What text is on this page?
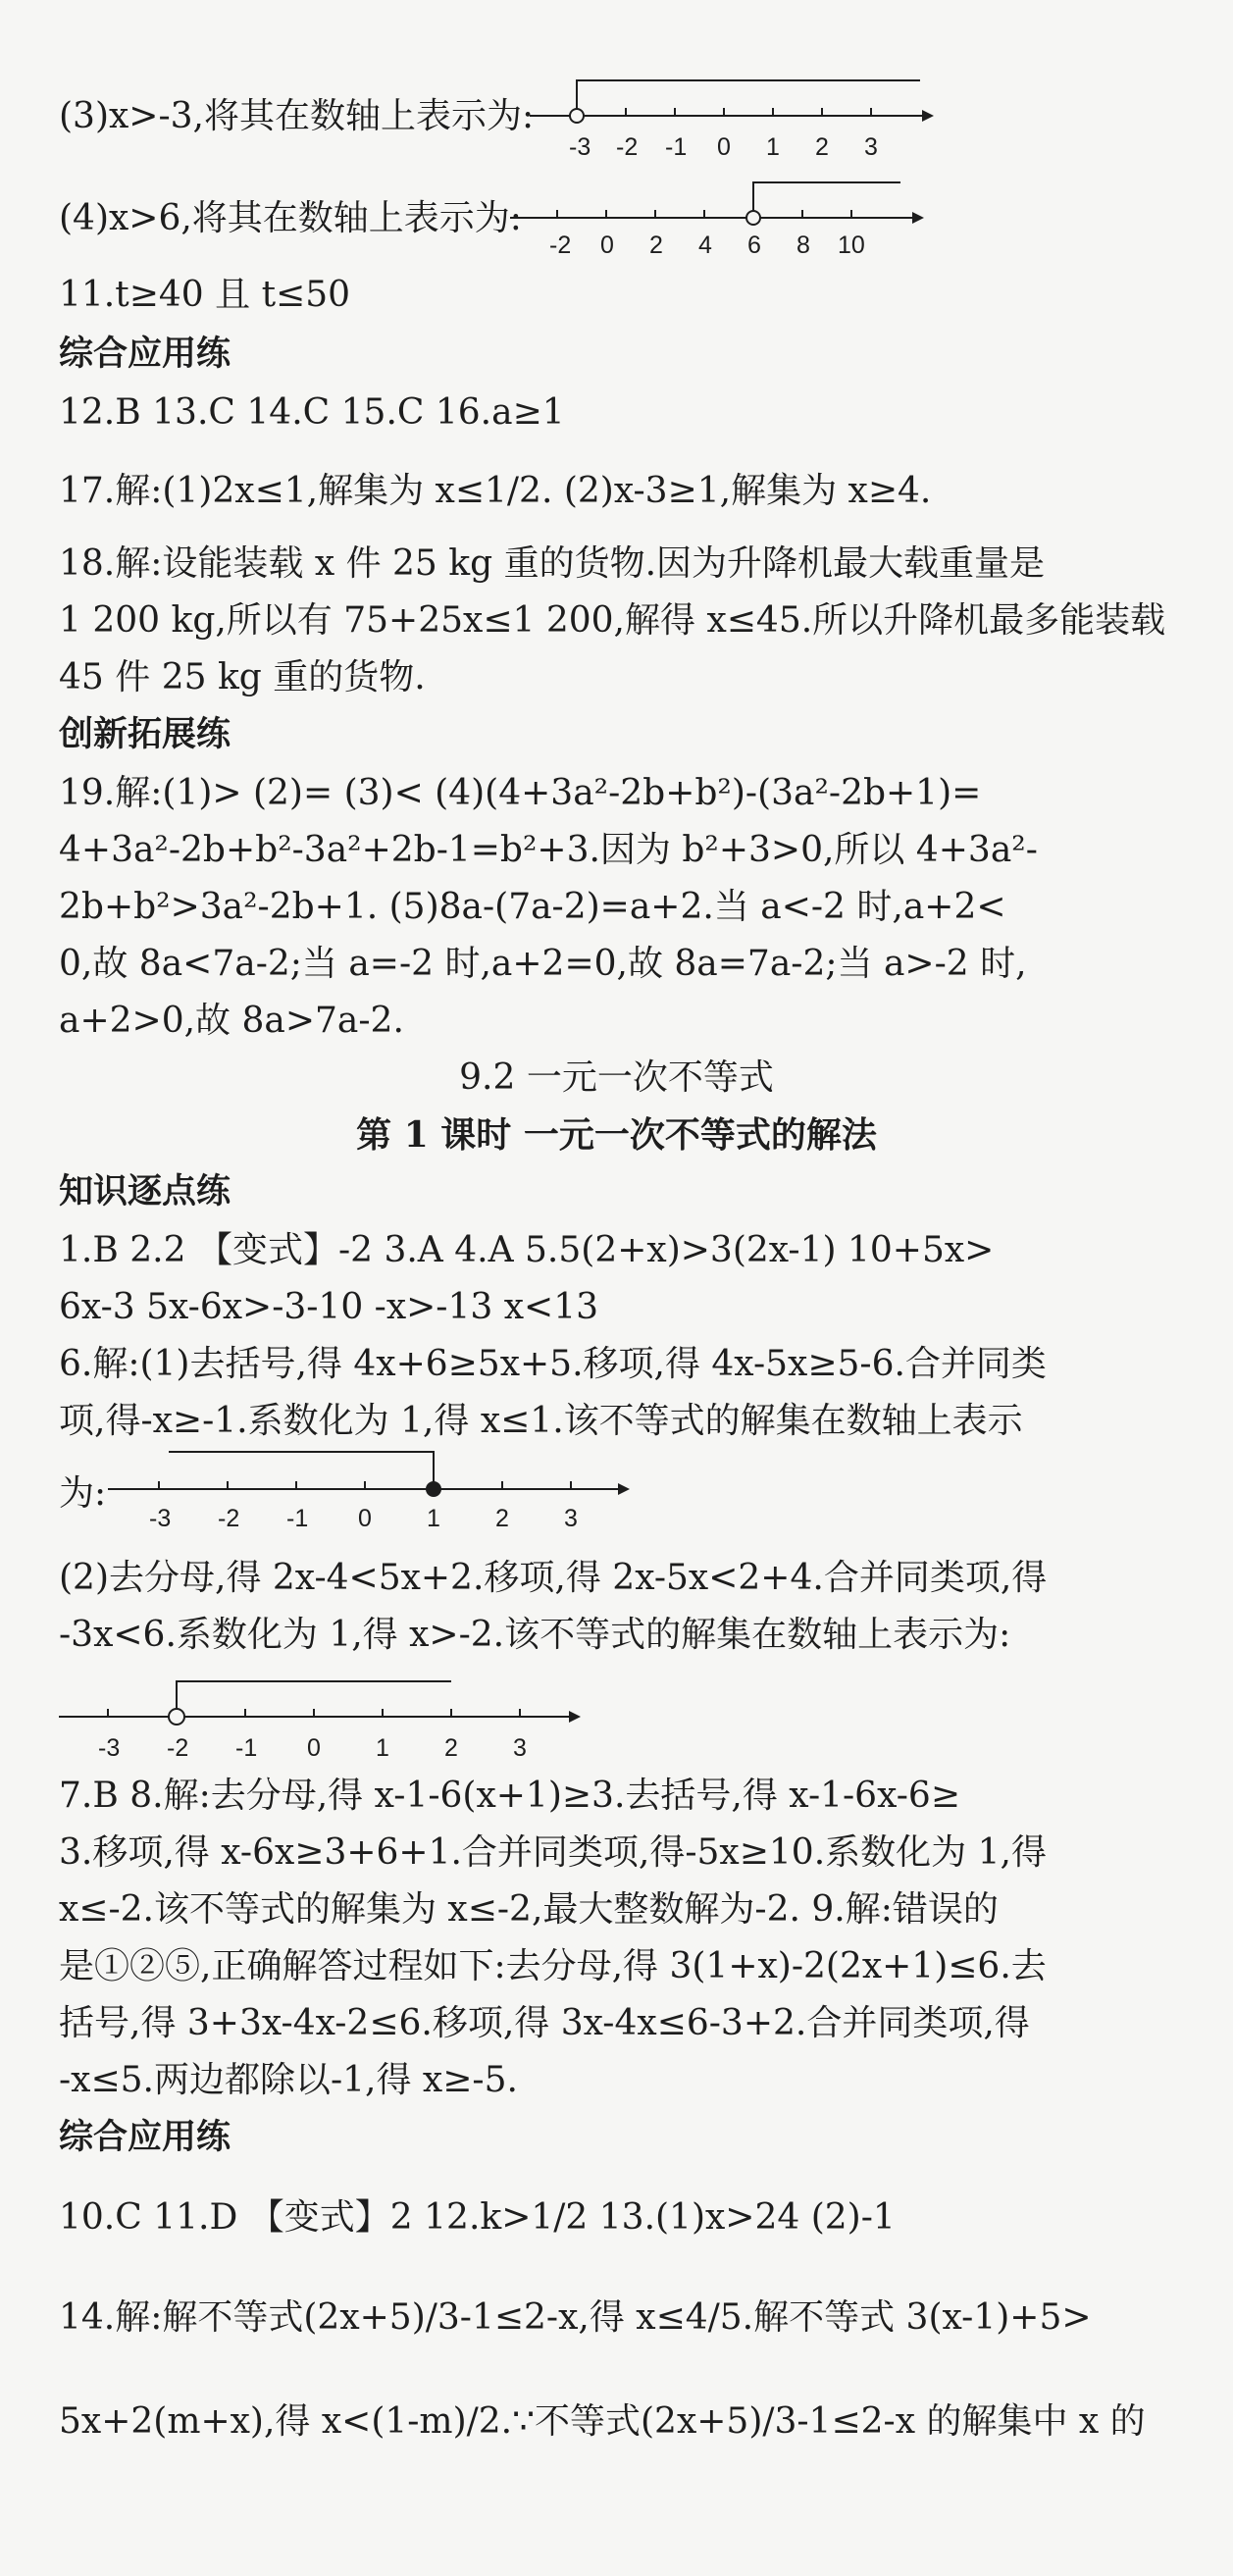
(3)x>-3,将其在数轴上表示为:
-3 -2 -1 0 1 2 3
(4)x>6,将其在数轴上表示为:
-2 0 2 4 6 8 10
11.t≥40 且 t≤50
综合应用练
12.B 13.C 14.C 15.C 16.a≥1
17.解:(1)2x≤1,解集为 x≤1/2. (2)x-3≥1,解集为 x≥4.
18.解:设能装载 x 件 25 kg 重的货物.因为升降机最大载重量是
1 200 kg,所以有 75+25x≤1 200,解得 x≤45.所以升降机最多能装载
45 件 25 kg 重的货物.
创新拓展练
19.解:(1)> (2)= (3)< (4)(4+3a²-2b+b²)-(3a²-2b+1)=
4+3a²-2b+b²-3a²+2b-1=b²+3.因为 b²+3>0,所以 4+3a²-
2b+b²>3a²-2b+1. (5)8a-(7a-2)=a+2.当 a<-2 时,a+2<
0,故 8a<7a-2;当 a=-2 时,a+2=0,故 8a=7a-2;当 a>-2 时,
a+2>0,故 8a>7a-2.
9.2 一元一次不等式
第 1 课时 一元一次不等式的解法
知识逐点练
1.B 2.2 【变式】-2 3.A 4.A 5.5(2+x)>3(2x-1) 10+5x>
6x-3 5x-6x>-3-10 -x>-13 x<13
6.解:(1)去括号,得 4x+6≥5x+5.移项,得 4x-5x≥5-6.合并同类
项,得-x≥-1.系数化为 1,得 x≤1.该不等式的解集在数轴上表示
为:
-3 -2 -1 0 1 2 3
(2)去分母,得 2x-4<5x+2.移项,得 2x-5x<2+4.合并同类项,得
-3x<6.系数化为 1,得 x>-2.该不等式的解集在数轴上表示为:
-3 -2 -1 0 1 2 3
7.B 8.解:去分母,得 x-1-6(x+1)≥3.去括号,得 x-1-6x-6≥
3.移项,得 x-6x≥3+6+1.合并同类项,得-5x≥10.系数化为 1,得
x≤-2.该不等式的解集为 x≤-2,最大整数解为-2. 9.解:错误的
是①②⑤,正确解答过程如下:去分母,得 3(1+x)-2(2x+1)≤6.去
括号,得 3+3x-4x-2≤6.移项,得 3x-4x≤6-3+2.合并同类项,得
-x≤5.两边都除以-1,得 x≥-5.
综合应用练
10.C 11.D 【变式】2 12.k>1/2 13.(1)x>24 (2)-1
14.解:解不等式(2x+5)/3-1≤2-x,得 x≤4/5.解不等式 3(x-1)+5>
5x+2(m+x),得 x<(1-m)/2.∵不等式(2x+5)/3-1≤2-x 的解集中 x 的
